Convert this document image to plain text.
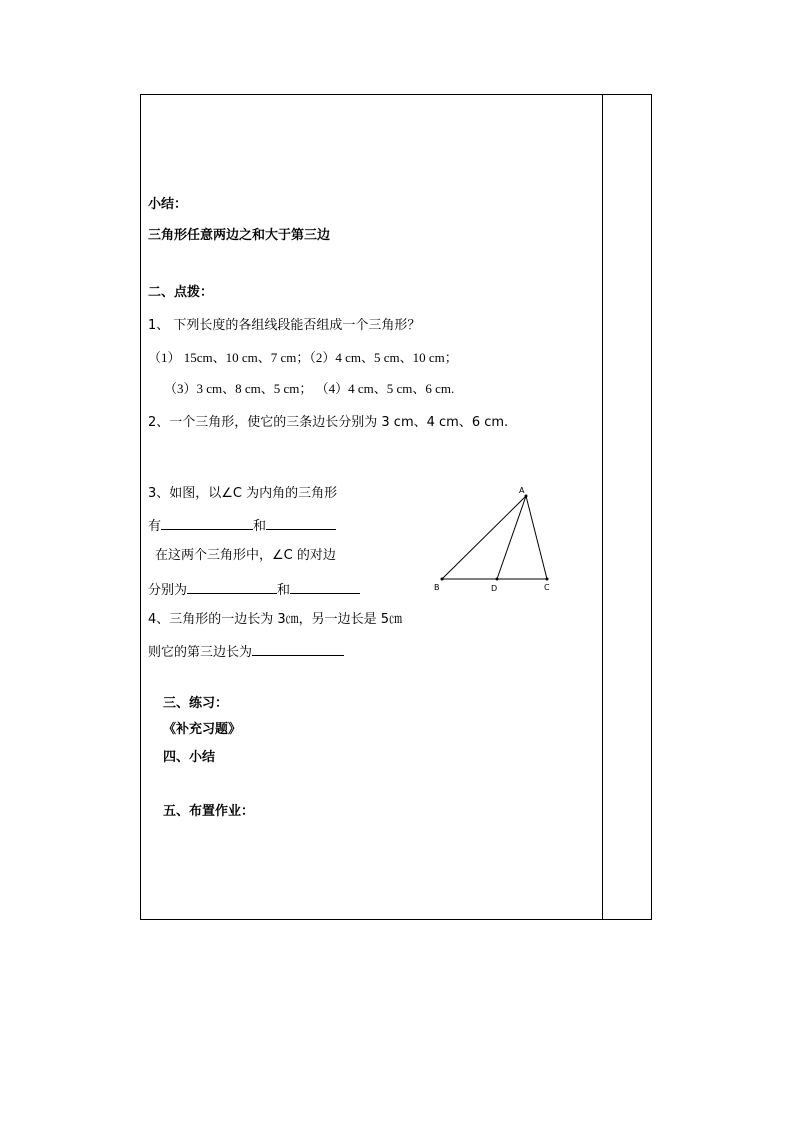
小结：
三角形任意两边之和大于第三边
二、点拨：
1、 下列长度的各组线段能否组成一个三角形？
（1） 15cm、10 cm、7 cm；（2）4 cm、5 cm、10 cm；
（3）3 cm、8 cm、5 cm； （4）4 cm、5 cm、6 cm.
2、一个三角形，使它的三条边长分别为 3 cm、4 cm、6 cm.
3、如图，以∠C 为内角的三角形
有	和
在这两个三角形中，∠C 的对边
分别为	和
4、三角形的一边长为 3㎝，另一边长是 5㎝
则它的第三边长为
三、练习：
《补充习题》
四、小结
五、布置作业：
A
B	D	C
